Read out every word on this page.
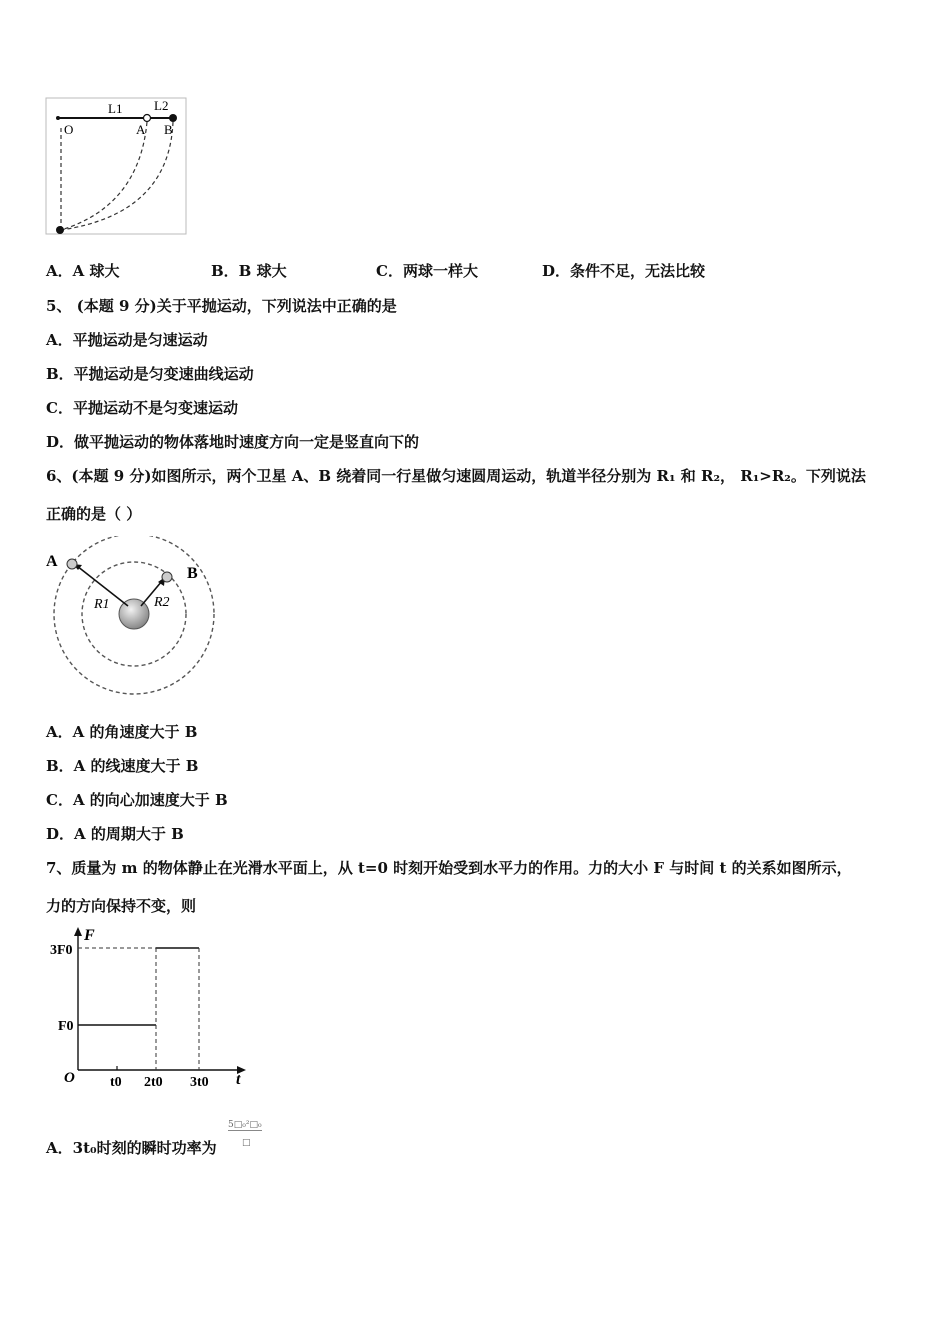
L1 L2
O	A B
A．A 球大	B．B 球大	C．两球一样大	D．条件不足，无法比较
5、 (本题 9 分)关于平抛运动，下列说法中正确的是
A．平抛运动是匀速运动
B．平抛运动是匀变速曲线运动
C．平抛运动不是匀变速运动
D．做平抛运动的物体落地时速度方向一定是竖直向下的
6、(本题 9 分)如图所示，两个卫星 A、B 绕着同一行星做匀速圆周运动，轨道半径分别为 R₁ 和 R₂， R₁>R₂。下列说法
正确的是（ ）
A
B
R1	R2
A．A 的角速度大于 B
B．A 的线速度大于 B
C．A 的向心加速度大于 B
D．A 的周期大于 B
7、质量为 m 的物体静止在光滑水平面上，从 t=0 时刻开始受到水平力的作用。力的大小 F 与时间 t 的关系如图所示，
力的方向保持不变，则
F
t
O
3F0
F0
t0 2t0 3t0
A．3t₀时刻的瞬时功率为
5□₀²□₀
□
